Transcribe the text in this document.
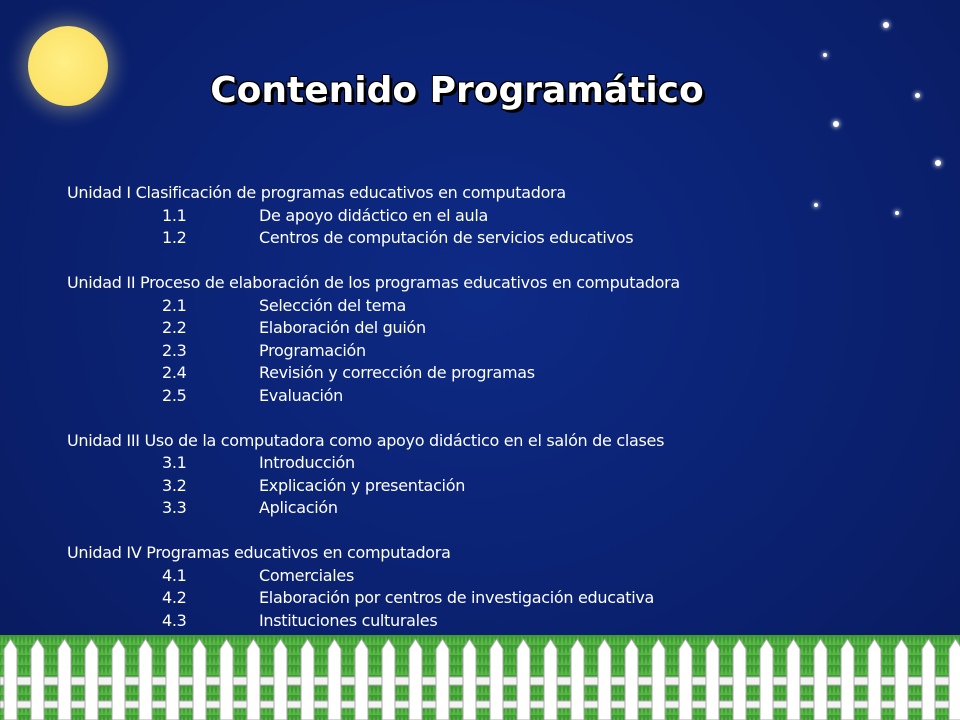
Contenido Programático
Unidad I Clasificación de programas educativos en computadora
1.1	De apoyo didáctico en el aula
1.2	Centros de computación de servicios educativos
Unidad II Proceso de elaboración de los programas educativos en computadora
2.1	Selección del tema
2.2	Elaboración del guión
2.3	Programación
2.4	Revisión y corrección de programas
2.5	Evaluación
Unidad III Uso de la computadora como apoyo didáctico en el salón de clases
3.1	Introducción
3.2	Explicación y presentación
3.3	Aplicación
Unidad IV Programas educativos en computadora
4.1	Comerciales
4.2	Elaboración por centros de investigación educativa
4.3	Instituciones culturales
